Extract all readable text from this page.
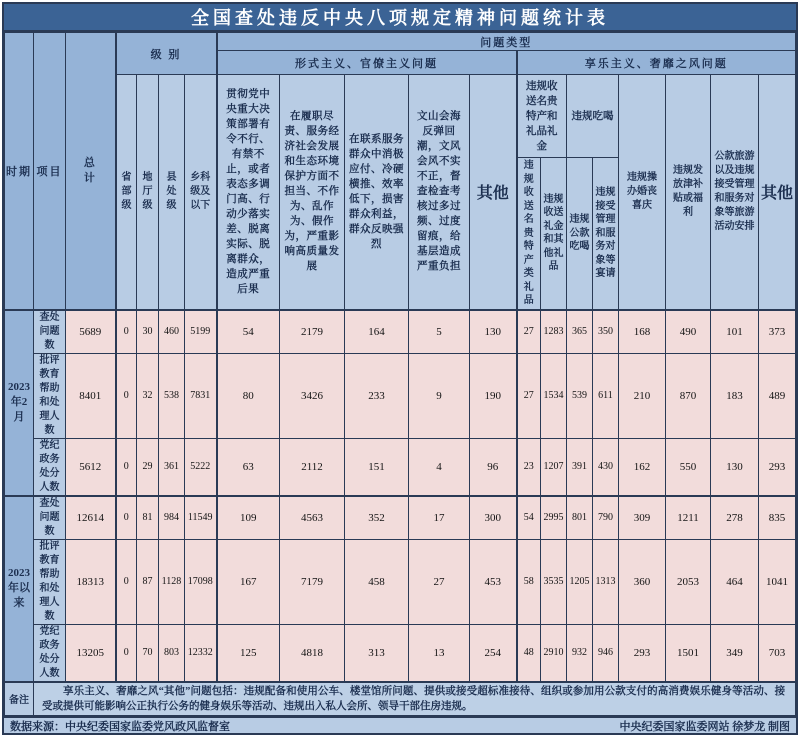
全国查处违反中央八项规定精神问题统计表
时期	项目	总计	级 别				问题类型												
							形式主义、官僚主义问题					享乐主义、奢靡之风问题							
			省部级	地厅级	县处级	乡科级及以下	贯彻党中央重大决策部署有令不行、有禁不止，或者表态多调门高、行动少落实差、脱离实际、脱离群众，造成严重后果	在履职尽责、服务经济社会发展和生态环境保护方面不担当、不作为、乱作为、假作为，严重影响高质量发展	在联系服务群众中消极应付、冷硬横推、效率低下，损害群众利益，群众反映强烈	文山会海反弹回潮，文风会风不实不正，督查检查考核过多过频、过度留痕，给基层造成严重负担	其他	违规收送名贵特产和礼品礼金		违规吃喝		违规操办婚丧喜庆	违规发放津补贴或福利	公款旅游以及违规接受管理和服务对象等旅游活动安排	其他
												违规收送名贵特产类礼品	违规收送礼金和其他礼品	违规公款吃喝	违规接受管理和服务对象等宴请				
2023年2月	查处问题数	5689	0	30	460	5199	54	2179	164	5	130	27	1283	365	350	168	490	101	373
	批评教育帮助和处理人数	8401	0	32	538	7831	80	3426	233	9	190	27	1534	539	611	210	870	183	489
	党纪政务处分人数	5612	0	29	361	5222	63	2112	151	4	96	23	1207	391	430	162	550	130	293
2023年以来	查处问题数	12614	0	81	984	11549	109	4563	352	17	300	54	2995	801	790	309	1211	278	835
	批评教育帮助和处理人数	18313	0	87	1128	17098	167	7179	458	27	453	58	3535	1205	1313	360	2053	464	1041
	党纪政务处分人数	13205	0	70	803	12332	125	4818	313	13	254	48	2910	932	946	293	1501	349	703
备注	享乐主义、奢靡之风“其他”问题包括：违规配备和使用公车、楼堂馆所问题、提供或接受超标准接待、组织或参加用公款支付的高消费娱乐健身等活动、接受或提供可能影响公正执行公务的健身娱乐等活动、违规出入私人会所、领导干部住房违规。																		
数据来源：中央纪委国家监委党风政风监督室	中央纪委国家监委网站 徐梦龙 制图
